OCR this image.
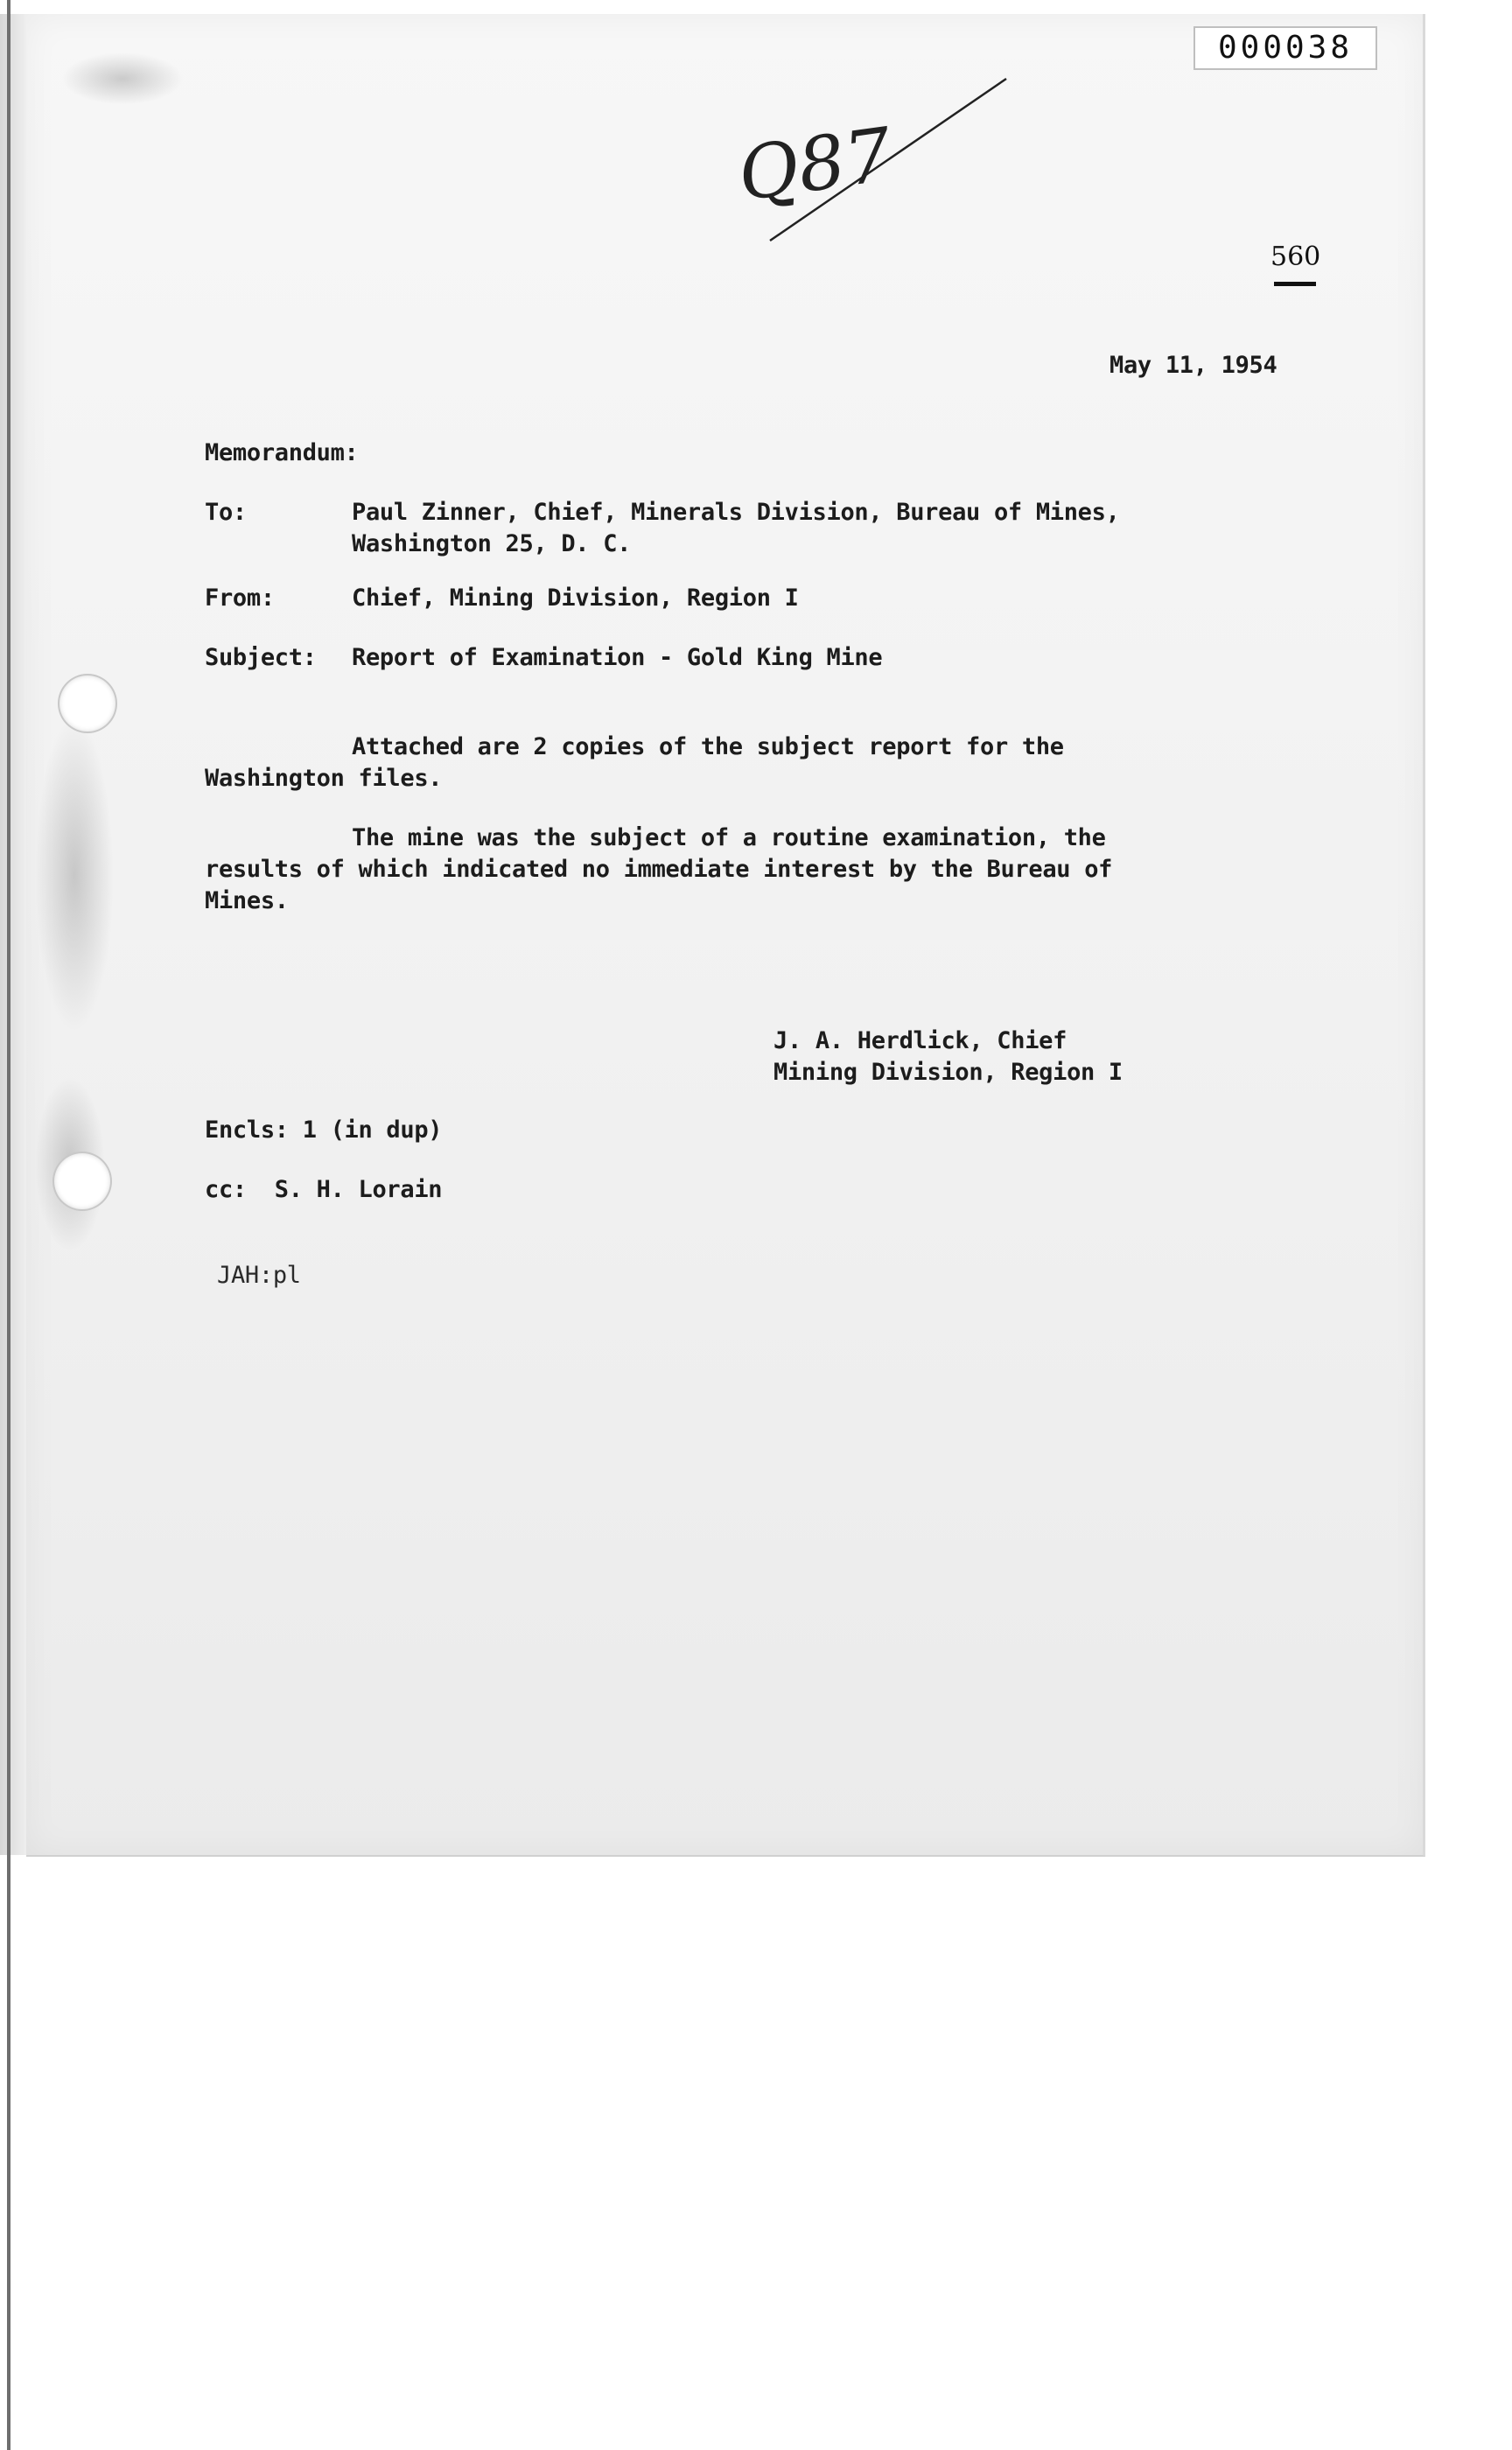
000038
Q87
560
May 11, 1954
Memorandum:
To:	Paul Zinner, Chief, Minerals Division, Bureau of Mines,
Washington 25, D. C.
From:	Chief, Mining Division, Region I
Subject: Report of Examination - Gold King Mine
Attached are 2 copies of the subject report for the
Washington files.
The mine was the subject of a routine examination, the
results of which indicated no immediate interest by the Bureau of
Mines.
J. A. Herdlick, Chief
Mining Division, Region I
Encls: 1 (in dup)
cc:  S. H. Lorain
JAH:pl
